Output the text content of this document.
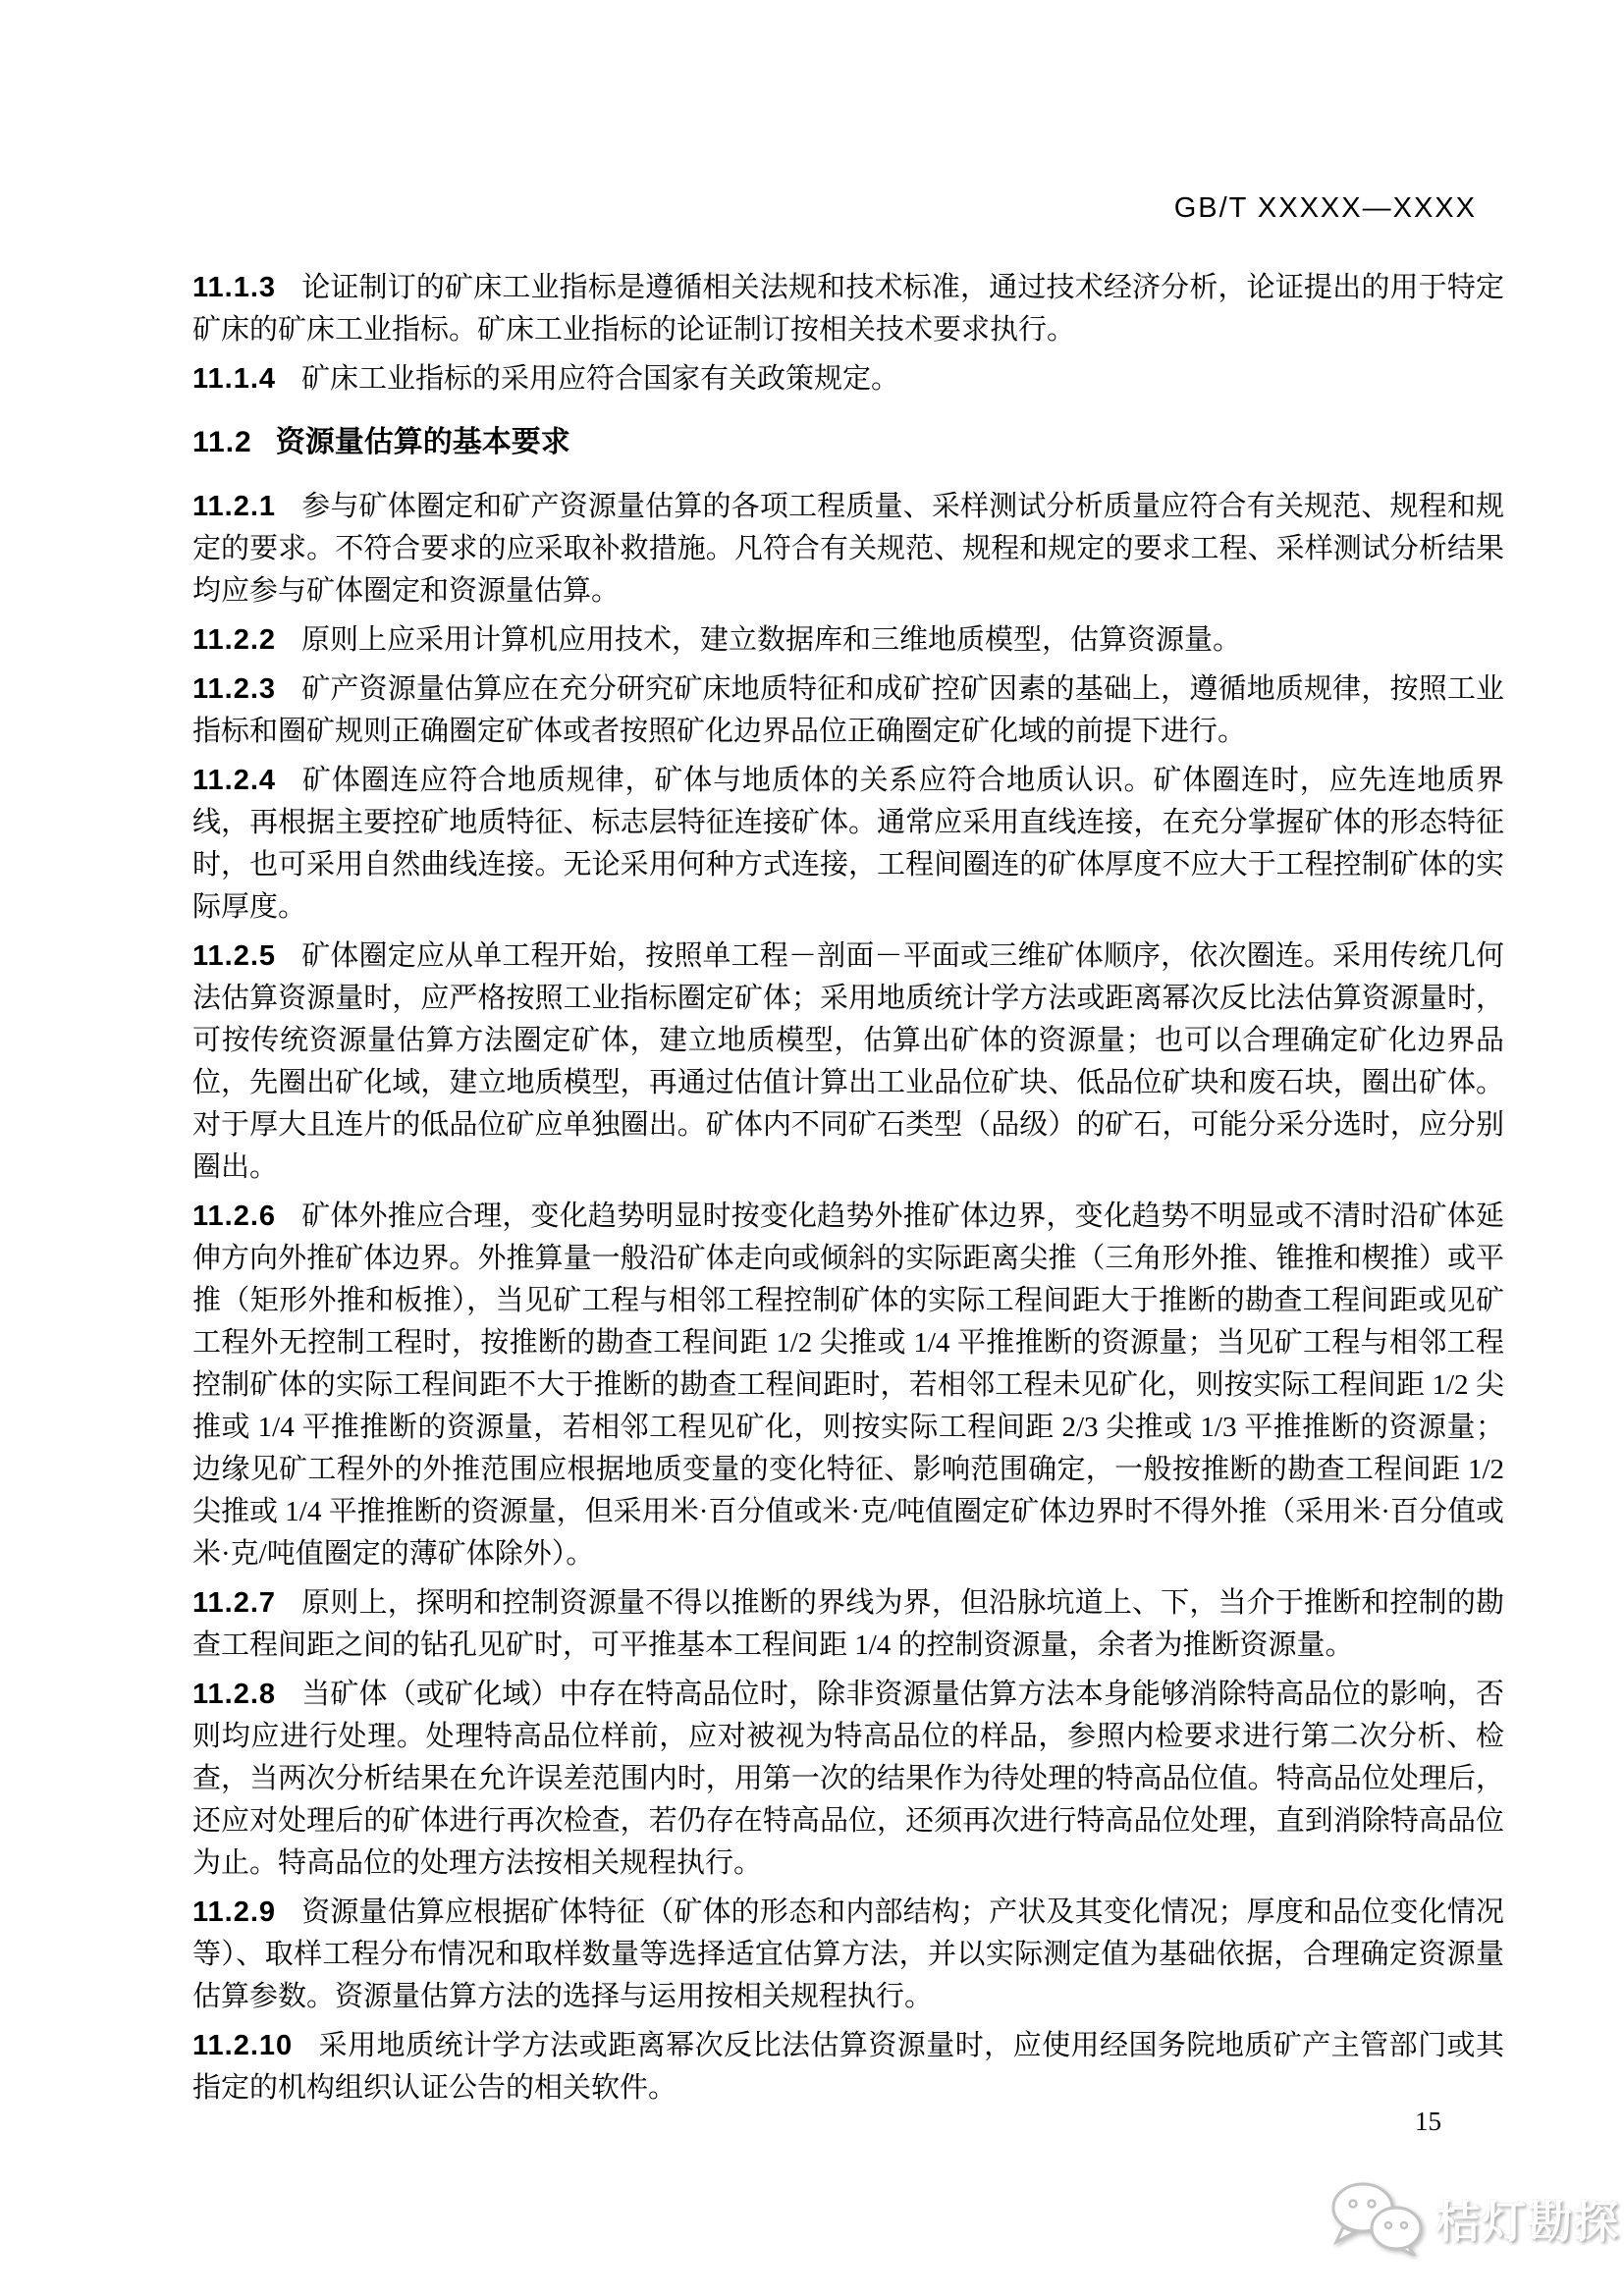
GB/T XXXXX—XXXX

11.1.3 论证制订的矿床工业指标是遵循相关法规和技术标准，通过技术经济分析，论证提出的用于特定矿床的矿床工业指标。矿床工业指标的论证制订按相关技术要求执行。

11.1.4 矿床工业指标的采用应符合国家有关政策规定。

11.2 资源量估算的基本要求

11.2.1 参与矿体圈定和矿产资源量估算的各项工程质量、采样测试分析质量应符合有关规范、规程和规定的要求。不符合要求的应采取补救措施。凡符合有关规范、规程和规定的要求工程、采样测试分析结果均应参与矿体圈定和资源量估算。

11.2.2 原则上应采用计算机应用技术，建立数据库和三维地质模型，估算资源量。

11.2.3 矿产资源量估算应在充分研究矿床地质特征和成矿控矿因素的基础上，遵循地质规律，按照工业指标和圈矿规则正确圈定矿体或者按照矿化边界品位正确圈定矿化域的前提下进行。

11.2.4 矿体圈连应符合地质规律，矿体与地质体的关系应符合地质认识。矿体圈连时，应先连地质界线，再根据主要控矿地质特征、标志层特征连接矿体。通常应采用直线连接，在充分掌握矿体的形态特征时，也可采用自然曲线连接。无论采用何种方式连接，工程间圈连的矿体厚度不应大于工程控制矿体的实际厚度。

11.2.5 矿体圈定应从单工程开始，按照单工程－剖面－平面或三维矿体顺序，依次圈连。采用传统几何法估算资源量时，应严格按照工业指标圈定矿体；采用地质统计学方法或距离幂次反比法估算资源量时，可按传统资源量估算方法圈定矿体，建立地质模型，估算出矿体的资源量；也可以合理确定矿化边界品位，先圈出矿化域，建立地质模型，再通过估值计算出工业品位矿块、低品位矿块和废石块，圈出矿体。对于厚大且连片的低品位矿应单独圈出。矿体内不同矿石类型（品级）的矿石，可能分采分选时，应分别圈出。

11.2.6 矿体外推应合理，变化趋势明显时按变化趋势外推矿体边界，变化趋势不明显或不清时沿矿体延伸方向外推矿体边界。外推算量一般沿矿体走向或倾斜的实际距离尖推（三角形外推、锥推和楔推）或平推（矩形外推和板推），当见矿工程与相邻工程控制矿体的实际工程间距大于推断的勘查工程间距或见矿工程外无控制工程时，按推断的勘查工程间距 1/2 尖推或 1/4 平推推断的资源量；当见矿工程与相邻工程控制矿体的实际工程间距不大于推断的勘查工程间距时，若相邻工程未见矿化，则按实际工程间距 1/2 尖推或 1/4 平推推断的资源量，若相邻工程见矿化，则按实际工程间距 2/3 尖推或 1/3 平推推断的资源量；边缘见矿工程外的外推范围应根据地质变量的变化特征、影响范围确定，一般按推断的勘查工程间距 1/2 尖推或 1/4 平推推断的资源量，但采用米·百分值或米·克/吨值圈定矿体边界时不得外推（采用米·百分值或米·克/吨值圈定的薄矿体除外）。

11.2.7 原则上，探明和控制资源量不得以推断的界线为界，但沿脉坑道上、下，当介于推断和控制的勘查工程间距之间的钻孔见矿时，可平推基本工程间距 1/4 的控制资源量，余者为推断资源量。

11.2.8 当矿体（或矿化域）中存在特高品位时，除非资源量估算方法本身能够消除特高品位的影响，否则均应进行处理。处理特高品位样前，应对被视为特高品位的样品，参照内检要求进行第二次分析、检查，当两次分析结果在允许误差范围内时，用第一次的结果作为待处理的特高品位值。特高品位处理后，还应对处理后的矿体进行再次检查，若仍存在特高品位，还须再次进行特高品位处理，直到消除特高品位为止。特高品位的处理方法按相关规程执行。

11.2.9 资源量估算应根据矿体特征（矿体的形态和内部结构；产状及其变化情况；厚度和品位变化情况等）、取样工程分布情况和取样数量等选择适宜估算方法，并以实际测定值为基础依据，合理确定资源量估算参数。资源量估算方法的选择与运用按相关规程执行。

11.2.10 采用地质统计学方法或距离幂次反比法估算资源量时，应使用经国务院地质矿产主管部门或其指定的机构组织认证公告的相关软件。

15
桔灯勘探
